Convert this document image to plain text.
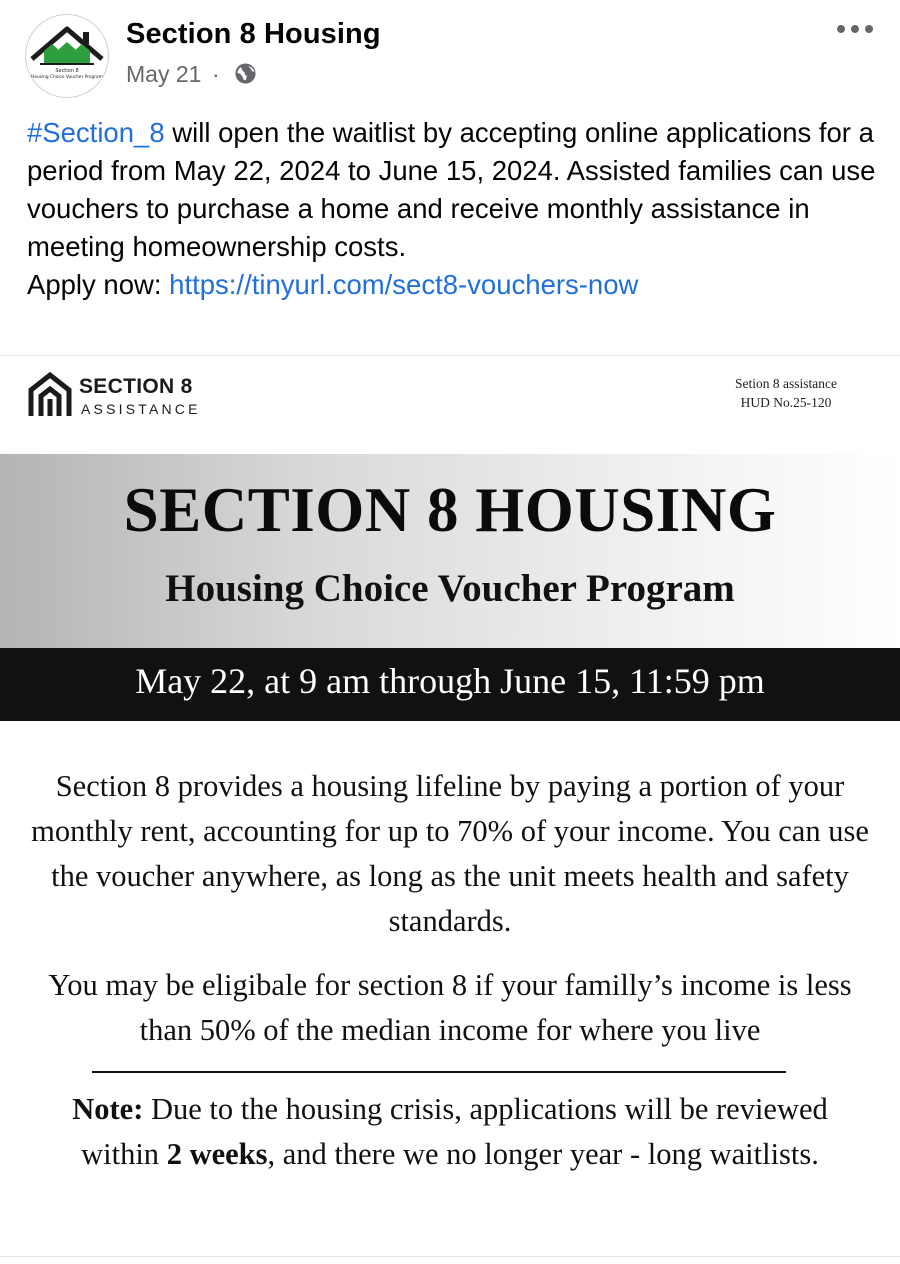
Section 8
Housing Choice Voucher Program
Section 8 Housing
May 21 ·

#Section_8 will open the waitlist by accepting online applications for a period from May 22, 2024 to June 15, 2024. Assisted families can use vouchers to purchase a home and receive monthly assistance in meeting homeownership costs.

Apply now: https://tinyurl.com/sect8-vouchers-now

SECTION 8
ASSISTANCE
Setion 8 assistance
HUD No.25-120
SECTION 8 HOUSING
Housing Choice Voucher Program
May 22, at 9 am through June 15, 11:59 pm
Section 8 provides a housing lifeline by paying a portion of your monthly rent, accounting for up to 70% of your income. You can use the voucher anywhere, as long as the unit meets health and safety standards.
You may be eligibale for section 8 if your familly’s income is less than 50% of the median income for where you live
Note: Due to the housing crisis, applications will be reviewed within 2 weeks, and there we no longer year - long waitlists.
